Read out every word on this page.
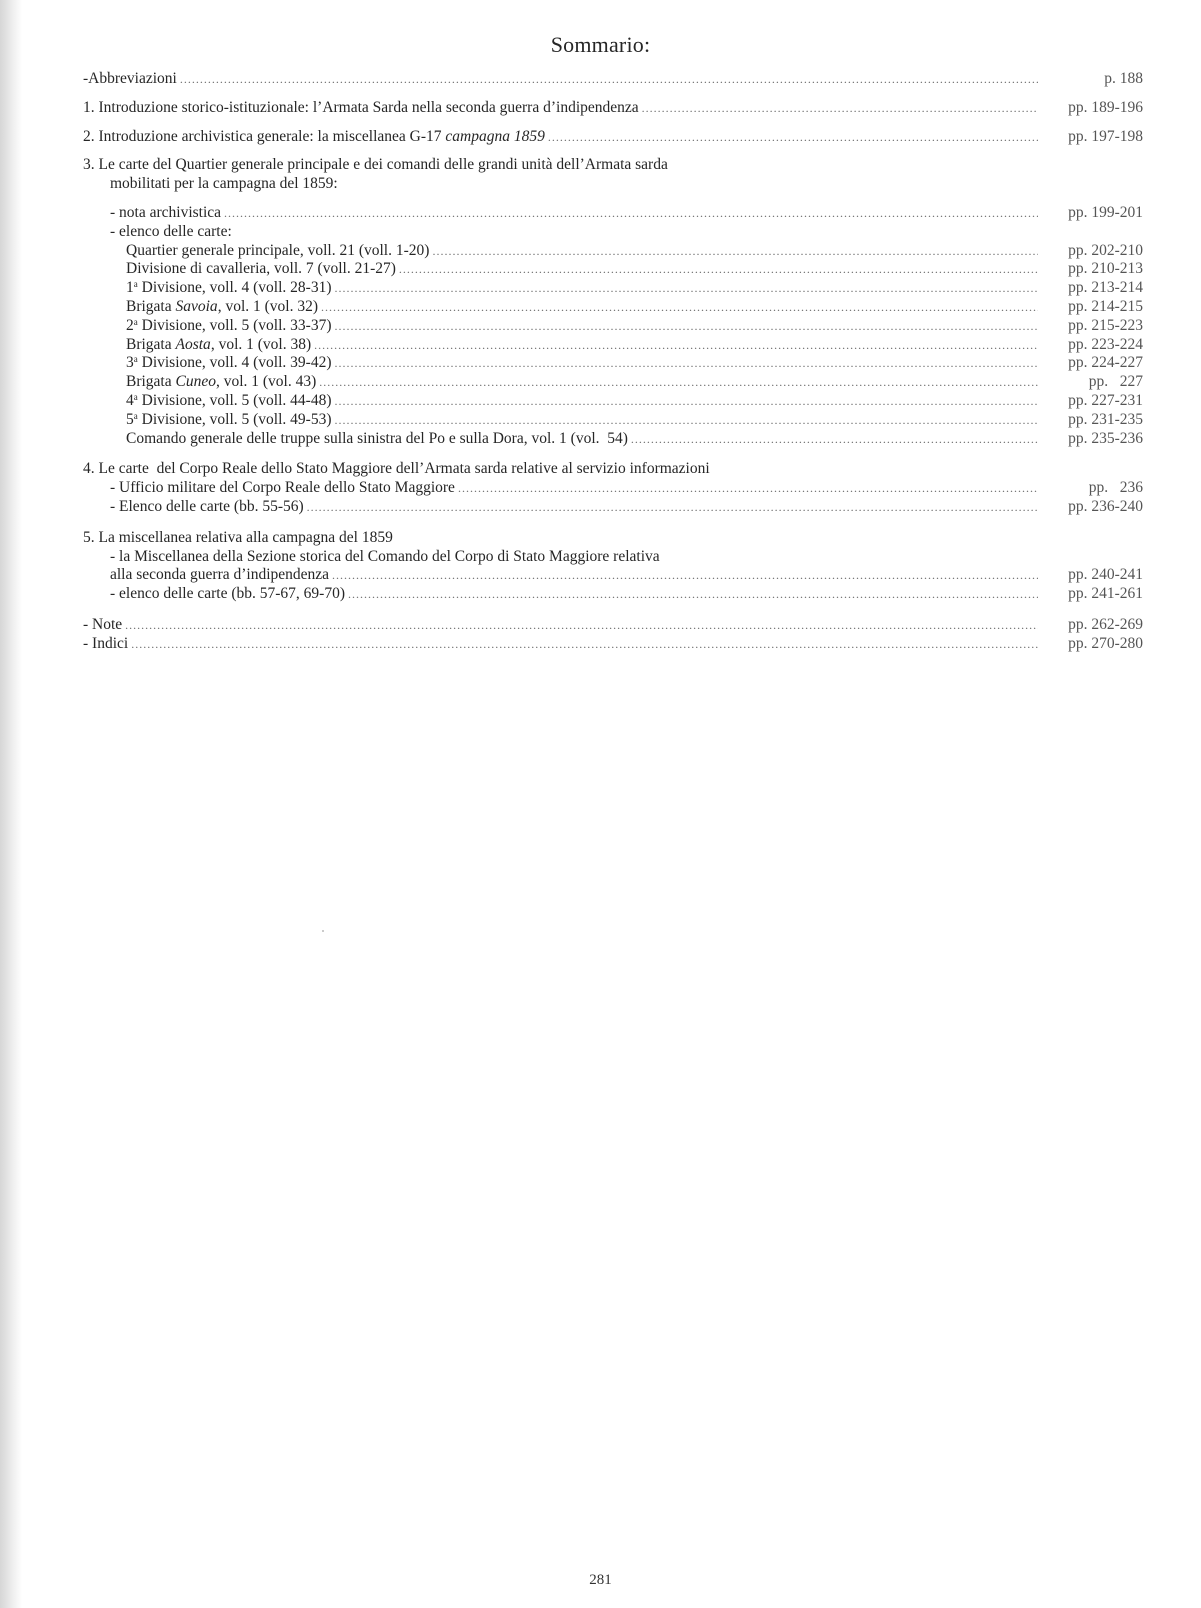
Sommario:
-Abbreviazioni .....	p. 188
1. Introduzione storico-istituzionale: l’Armata Sarda nella seconda guerra d’indipendenza .....	pp. 189-196
2. Introduzione archivistica generale: la miscellanea G-17 campagna 1859 .....	pp. 197-198
3. Le carte del Quartier generale principale e dei comandi delle grandi unità dell’Armata sarda
mobilitati per la campagna del 1859:
- nota archivistica .....	pp. 199-201
- elenco delle carte:
Quartier generale principale, voll. 21 (voll. 1-20) .....	pp. 202-210
Divisione di cavalleria, voll. 7 (voll. 21-27) .....	pp. 210-213
1$^a$ Divisione, voll. 4 (voll. 28-31) .....	pp. 213-214
Brigata Savoia, vol. 1 (vol. 32) .....	pp. 214-215
2$^a$ Divisione, voll. 5 (voll. 33-37) .....	pp. 215-223
Brigata Aosta, vol. 1 (vol. 38) .....	pp. 223-224
3$^a$ Divisione, voll. 4 (voll. 39-42) .....	pp. 224-227
Brigata Cuneo, vol. 1 (vol. 43) .....	pp.   227
4$^a$ Divisione, voll. 5 (voll. 44-48) .....	pp. 227-231
5$^a$ Divisione, voll. 5 (voll. 49-53) .....	pp. 231-235
Comando generale delle truppe sulla sinistra del Po e sulla Dora, vol. 1 (vol.  54) .....	pp. 235-236
4. Le carte  del Corpo Reale dello Stato Maggiore dell’Armata sarda relative al servizio informazioni
- Ufficio militare del Corpo Reale dello Stato Maggiore .....	pp.   236
- Elenco delle carte (bb. 55-56) .....	pp. 236-240
5. La miscellanea relativa alla campagna del 1859
- la Miscellanea della Sezione storica del Comando del Corpo di Stato Maggiore relativa
alla seconda guerra d’indipendenza .....	pp. 240-241
- elenco delle carte (bb. 57-67, 69-70) .....	pp. 241-261
- Note .....	pp. 262-269
- Indici .....	pp. 270-280
281
